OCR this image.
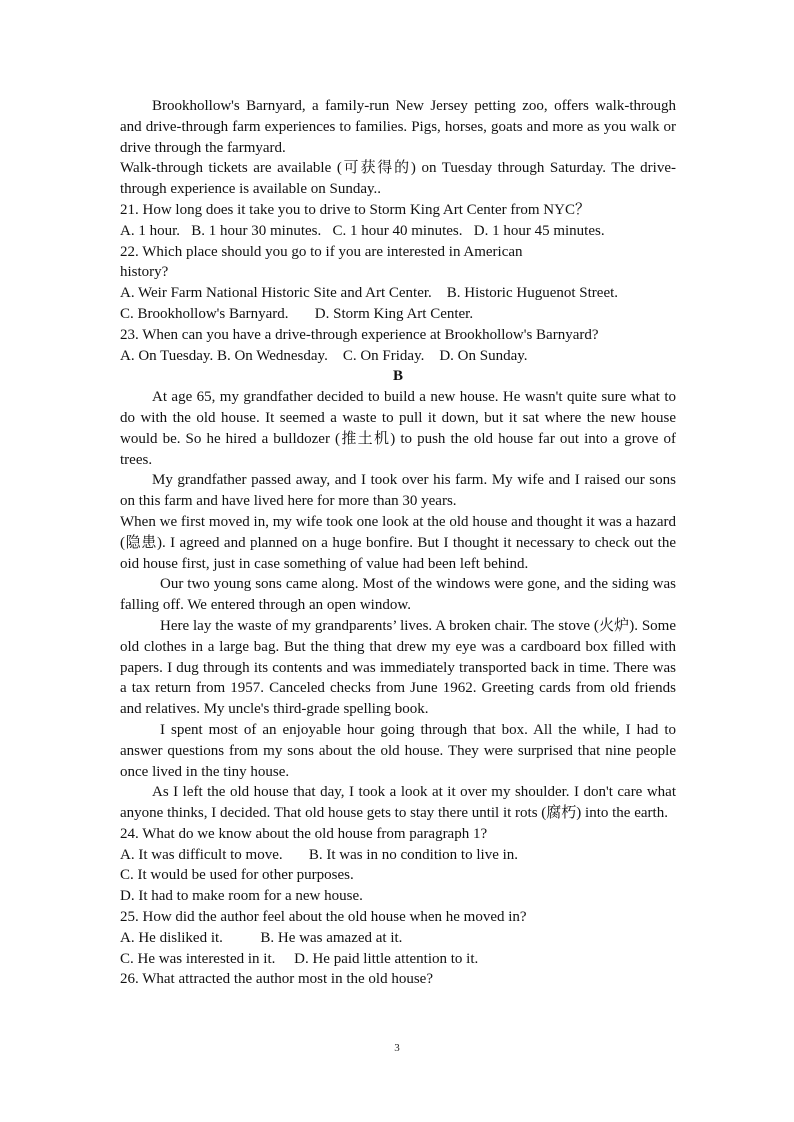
Brookhollow's Barnyard, a family-run New Jersey petting zoo, offers walk-through and drive-through farm experiences to families. Pigs, horses, goats and more as you walk or drive through the farmyard.

Walk-through tickets are available (可获得的) on Tuesday through Saturday. The drive-through experience is available on Sunday..

21. How long does it take you to drive to Storm King Art Center from NYC？

A. 1 hour.   B. 1 hour 30 minutes.   C. 1 hour 40 minutes.   D. 1 hour 45 minutes.

22. Which place should you go to if you are interested in American

history?

A. Weir Farm National Historic Site and Art Center.    B. Historic Huguenot Street.

C. Brookhollow's Barnyard.       D. Storm King Art Center.

23. When can you have a drive-through experience at Brookhollow's Barnyard?

A. On Tuesday. B. On Wednesday.    C. On Friday.    D. On Sunday.

B

At age 65, my grandfather decided to build a new house. He wasn't quite sure what to do with the old house. It seemed a waste to pull it down, but it sat where the new house would be. So he hired a bulldozer (推土机) to push the old house far out into a grove of trees.

My grandfather passed away, and I took over his farm. My wife and I raised our sons on this farm and have lived here for more than 30 years.

When we first moved in, my wife took one look at the old house and thought it was a hazard (隐患). I agreed and planned on a huge bonfire. But I thought it necessary to check out the oid house first, just in case something of value had been left behind.

Our two young sons came along. Most of the windows were gone, and the siding was falling off. We entered through an open window.

Here lay the waste of my grandparents’ lives. A broken chair. The stove (火炉). Some old clothes in a large bag. But the thing that drew my eye was a cardboard box filled with papers. I dug through its contents and was immediately transported back in time. There was a tax return from 1957. Canceled checks from June 1962. Greeting cards from old friends and relatives. My uncle's third-grade spelling book.

I spent most of an enjoyable hour going through that box. All the while, I had to answer questions from my sons about the old house. They were surprised that nine people once lived in the tiny house.

As I left the old house that day, I took a look at it over my shoulder. I don't care what anyone thinks, I decided. That old house gets to stay there until it rots (腐朽) into the earth.

24. What do we know about the old house from paragraph 1?

A. It was difficult to move.       B. It was in no condition to live in.

C. It would be used for other purposes.

D. It had to make room for a new house.

25. How did the author feel about the old house when he moved in?

A. He disliked it.          B. He was amazed at it.

C. He was interested in it.     D. He paid little attention to it.

26. What attracted the author most in the old house?

3
